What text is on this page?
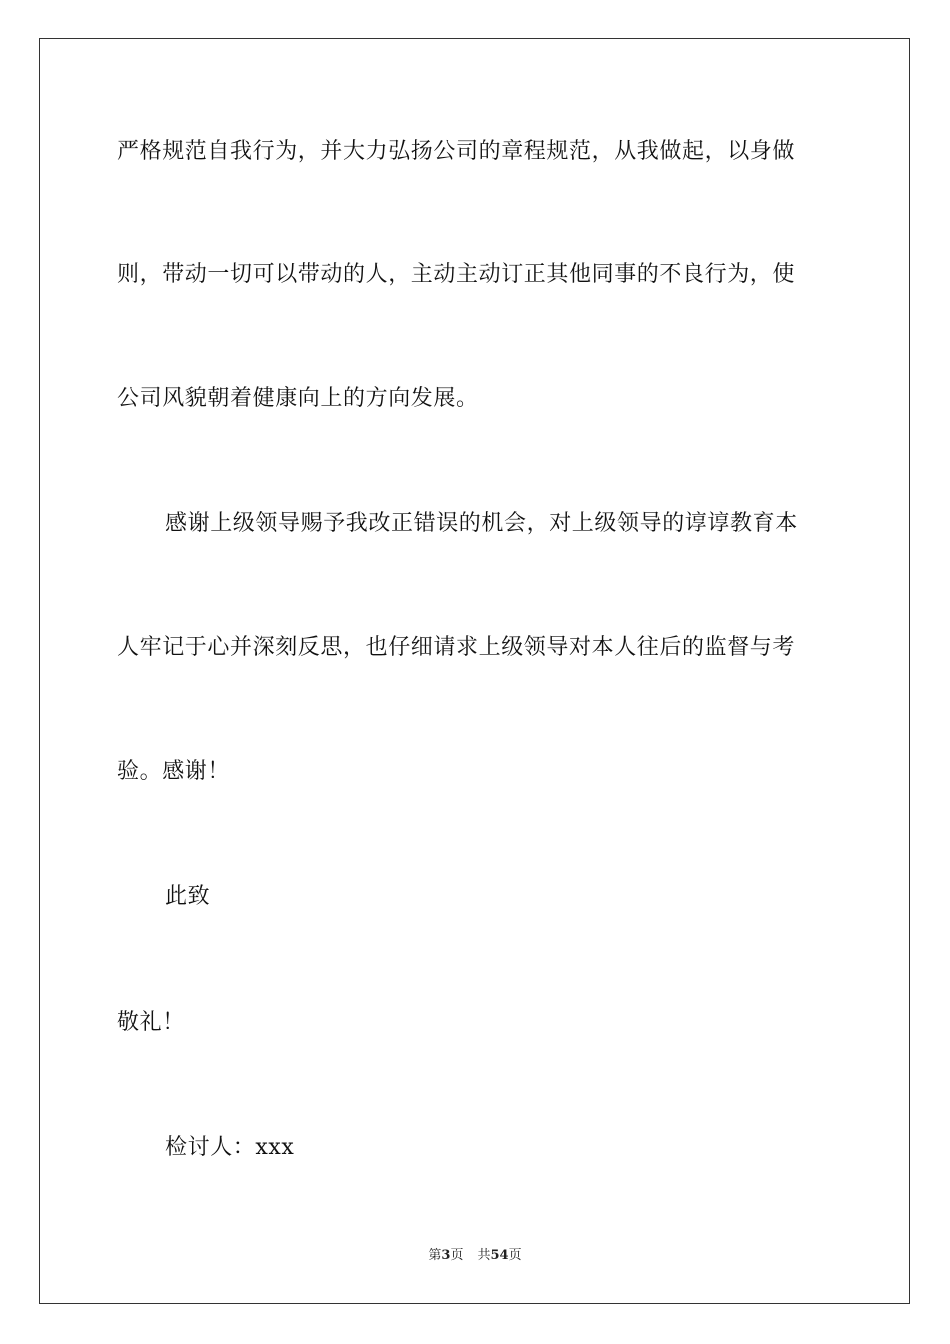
严格规范自我行为，并大力弘扬公司的章程规范，从我做起，以身做
则，带动一切可以带动的人，主动主动订正其他同事的不良行为，使
公司风貌朝着健康向上的方向发展。
感谢上级领导赐予我改正错误的机会，对上级领导的谆谆教育本
人牢记于心并深刻反思，也仔细请求上级领导对本人往后的监督与考
验。感谢！
此致
敬礼！
检讨人：xxx
第3页 共54页
